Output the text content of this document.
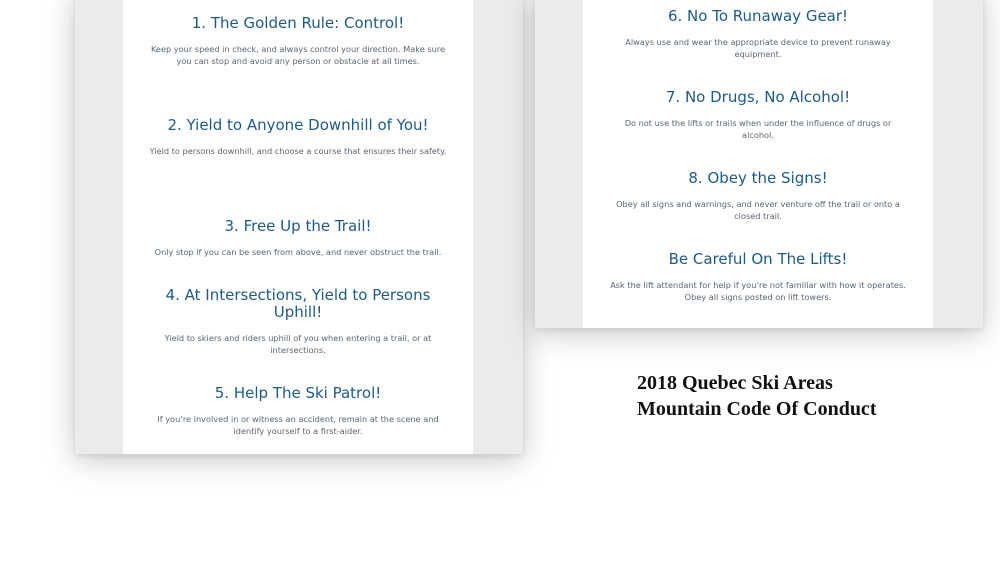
1. The Golden Rule: Control!
Keep your speed in check, and always control your direction. Make sure you can stop and avoid any person or obstacle at all times.
2. Yield to Anyone Downhill of You!
Yield to persons downhill, and choose a course that ensures their safety.
3. Free Up the Trail!
Only stop if you can be seen from above, and never obstruct the trail.
4. At Intersections, Yield to Persons Uphill!
Yield to skiers and riders uphill of you when entering a trail, or at intersections.
5. Help The Ski Patrol!
If you’re involved in or witness an accident, remain at the scene and identify yourself to a first-aider.
6. No To Runaway Gear!
Always use and wear the appropriate device to prevent runaway equipment.
7. No Drugs, No Alcohol!
Do not use the lifts or trails when under the influence of drugs or alcohol.
8. Obey the Signs!
Obey all signs and warnings, and never venture off the trail or onto a closed trail.
Be Careful On The Lifts!
Ask the lift attendant for help if you’re not familiar with how it operates. Obey all signs posted on lift towers.
2018 Quebec Ski Areas
Mountain Code Of Conduct
